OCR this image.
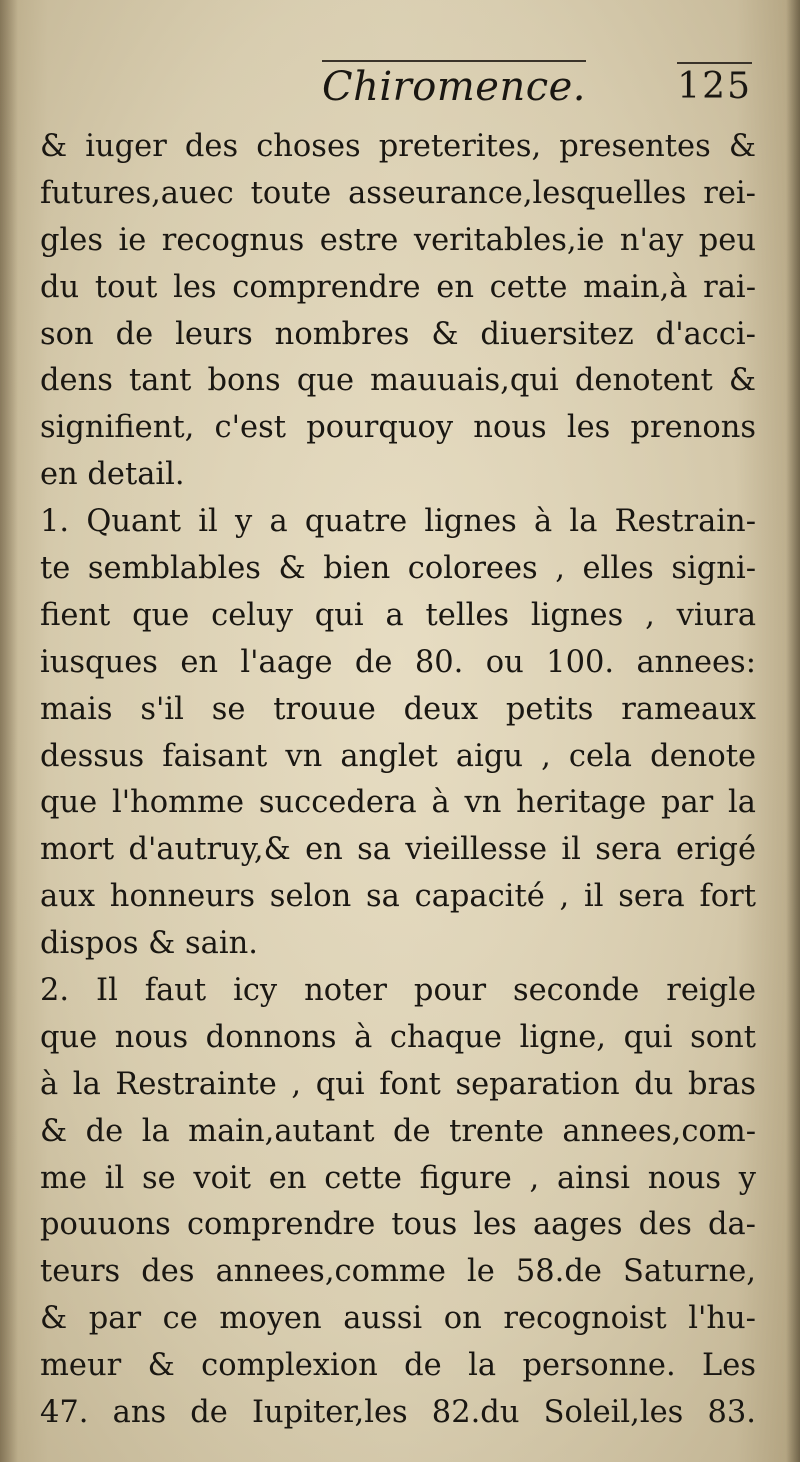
Chiromence.	125
& iuger des choses preterites, presentes &
futures,auec toute asseurance,lesquelles rei-
gles ie recognus estre veritables,ie n'ay peu
du tout les comprendre en cette main,à rai-
son de leurs nombres & diuersitez d'acci-
dens tant bons que mauuais,qui denotent &
signifient, c'est pourquoy nous les prenons
en detail.
1. Quant il y a quatre lignes à la Restrain-
te semblables & bien colorees , elles signi-
fient que celuy qui a telles lignes , viura
iusques en l'aage de 80. ou 100. annees:
mais s'il se trouue deux petits rameaux
dessus faisant vn anglet aigu , cela denote
que l'homme succedera à vn heritage par la
mort d'autruy,& en sa vieillesse il sera erigé
aux honneurs selon sa capacité , il sera fort
dispos & sain.
2. Il faut icy noter pour seconde reigle
que nous donnons à chaque ligne, qui sont
à la Restrainte , qui font separation du bras
& de la main,autant de trente annees,com-
me il se voit en cette figure , ainsi nous y
pouuons comprendre tous les aages des da-
teurs des annees,comme le 58.de Saturne,
& par ce moyen aussi on recognoist l'hu-
meur & complexion de la personne. Les
47. ans de Iupiter,les 82.du Soleil,les 83.
